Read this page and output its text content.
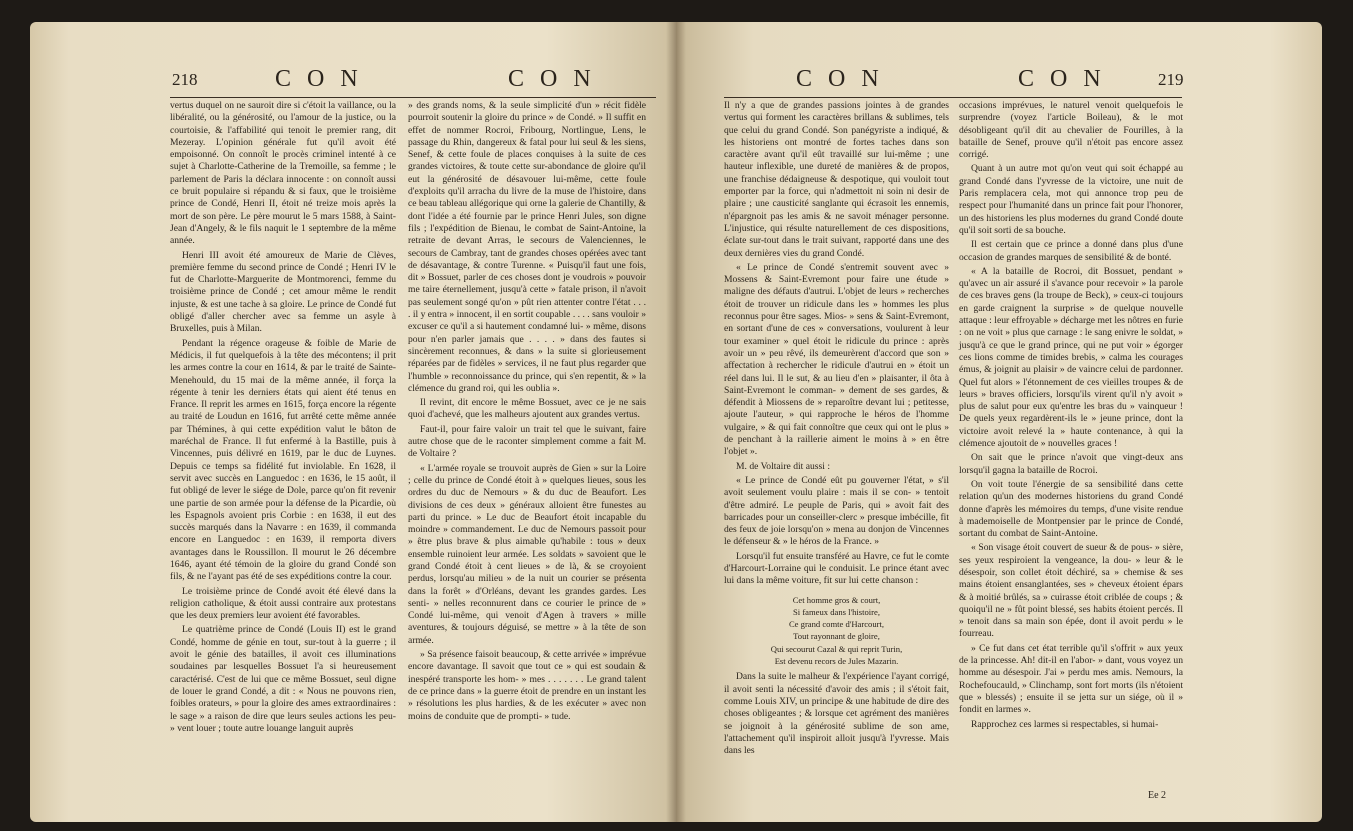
218	C O N	C O N

vertus duquel on ne sauroit dire si c'étoit la vaillance, ou la libéralité, ou la générosité, ou l'amour de la justice, ou la courtoisie, & l'affabilité qui tenoit le premier rang, dit Mezeray. L'opinion générale fut qu'il avoit été empoisonné. On connoît le procès criminel intenté à ce sujet à Charlotte-Catherine de la Tremoille, sa femme ; le parlement de Paris la déclara innocente : on connoît aussi ce bruit populaire si répandu & si faux, que le troisième prince de Condé, Henri II, étoit né treize mois après la mort de son père. Le père mourut le 5 mars 1588, à Saint-Jean d'Angely, & le fils naquit le 1 septembre de la même année.

Henri III avoit été amoureux de Marie de Clèves, première femme du second prince de Condé ; Henri IV le fut de Charlotte-Marguerite de Montmorenci, femme du troisième prince de Condé ; cet amour même le rendit injuste, & est une tache à sa gloire. Le prince de Condé fut obligé d'aller chercher avec sa femme un asyle à Bruxelles, puis à Milan.

Pendant la régence orageuse & foible de Marie de Médicis, il fut quelquefois à la tête des mécontens; il prit les armes contre la cour en 1614, & par le traité de Sainte-Menehould, du 15 mai de la même année, il força la régente à tenir les derniers états qui aient été tenus en France. Il reprit les armes en 1615, força encore la régente au traité de Loudun en 1616, fut arrêté cette même année par Thémines, à qui cette expédition valut le bâton de maréchal de France. Il fut enfermé à la Bastille, puis à Vincennes, puis délivré en 1619, par le duc de Luynes. Depuis ce temps sa fidélité fut inviolable. En 1628, il servit avec succès en Languedoc : en 1636, le 15 août, il fut obligé de lever le siége de Dole, parce qu'on fit revenir une partie de son armée pour la défense de la Picardie, où les Espagnols avoient pris Corbie : en 1638, il eut des succès marqués dans la Navarre : en 1639, il commanda encore en Languedoc : en 1639, il remporta divers avantages dans le Roussillon. Il mourut le 26 décembre 1646, ayant été témoin de la gloire du grand Condé son fils, & ne l'ayant pas été de ses expéditions contre la cour.

Le troisième prince de Condé avoit été élevé dans la religion catholique, & étoit aussi contraire aux protestans que les deux premiers leur avoient été favorables.

Le quatrième prince de Condé (Louis II) est le grand Condé, homme de génie en tout, sur-tout à la guerre ; il avoit le génie des batailles, il avoit ces illuminations soudaines par lesquelles Bossuet l'a si heureusement caractérisé. C'est de lui que ce même Bossuet, seul digne de louer le grand Condé, a dit : « Nous ne pouvons rien, foibles orateurs, » pour la gloire des ames extraordinaires : le sage » a raison de dire que leurs seules actions les peu- » vent louer ; toute autre louange languit auprès

» des grands noms, & la seule simplicité d'un » récit fidèle pourroit soutenir la gloire du prince » de Condé. » Il suffit en effet de nommer Rocroi, Fribourg, Nortlingue, Lens, le passage du Rhin, dangereux & fatal pour lui seul & les siens, Senef, & cette foule de places conquises à la suite de ces grandes victoires, & toute cette sur-abondance de gloire qu'il eut la générosité de désavouer lui-même, cette foule d'exploits qu'il arracha du livre de la muse de l'histoire, dans ce beau tableau allégorique qui orne la galerie de Chantilly, & dont l'idée a été fournie par le prince Henri Jules, son digne fils ; l'expédition de Bienau, le combat de Saint-Antoine, la retraite de devant Arras, le secours de Valenciennes, le secours de Cambray, tant de grandes choses opérées avec tant de désavantage, & contre Turenne. « Puisqu'il faut une fois, dit » Bossuet, parler de ces choses dont je voudrois » pouvoir me taire éternellement, jusqu'à cette » fatale prison, il n'avoit pas seulement songé qu'on » pût rien attenter contre l'état . . . . il y entra » innocent, il en sortit coupable . . . . sans vouloir » excuser ce qu'il a si hautement condamné lui- » même, disons pour n'en parler jamais que . . . . » dans des fautes si sincèrement reconnues, & dans » la suite si glorieusement réparées par de fidèles » services, il ne faut plus regarder que l'humble » reconnoissance du prince, qui s'en repentit, & » la clémence du grand roi, qui les oublia ».

Il revint, dit encore le même Bossuet, avec ce je ne sais quoi d'achevé, que les malheurs ajoutent aux grandes vertus.

Faut-il, pour faire valoir un trait tel que le suivant, faire autre chose que de le raconter simplement comme a fait M. de Voltaire ?

« L'armée royale se trouvoit auprès de Gien » sur la Loire ; celle du prince de Condé étoit à » quelques lieues, sous les ordres du duc de Nemours » & du duc de Beaufort. Les divisions de ces deux » généraux alloient être funestes au parti du prince. » Le duc de Beaufort étoit incapable du moindre » commandement. Le duc de Nemours passoit pour » être plus brave & plus aimable qu'habile : tous » deux ensemble ruinoient leur armée. Les soldats » savoient que le grand Condé étoit à cent lieues » de là, & se croyoient perdus, lorsqu'au milieu » de la nuit un courier se présenta dans la forêt » d'Orléans, devant les grandes gardes. Les senti- » nelles reconnurent dans ce courier le prince de » Condé lui-même, qui venoit d'Agen à travers » mille aventures, & toujours déguisé, se mettre » à la tête de son armée.

» Sa présence faisoit beaucoup, & cette arrivée » imprévue encore davantage. Il savoit que tout ce » qui est soudain & inespéré transporte les hom- » mes . . . . . . . Le grand talent de ce prince dans » la guerre étoit de prendre en un instant les » résolutions les plus hardies, & de les exécuter » avec non moins de conduite que de prompti- » tude.

C O N	C O N	219

Il n'y a que de grandes passions jointes à de grandes vertus qui forment les caractères brillans & sublimes, tels que celui du grand Condé. Son panégyriste a indiqué, & les historiens ont montré de fortes taches dans son caractère avant qu'il eût travaillé sur lui-même ; une hauteur inflexible, une dureté de manières & de propos, une franchise dédaigneuse & despotique, qui vouloit tout emporter par la force, qui n'admettoit ni soin ni desir de plaire ; une causticité sanglante qui écrasoit les ennemis, n'épargnoit pas les amis & ne savoit ménager personne. L'injustice, qui résulte naturellement de ces dispositions, éclate sur-tout dans le trait suivant, rapporté dans une des deux dernières vies du grand Condé.

« Le prince de Condé s'entremit souvent avec » Mossens & Saint-Evremont pour faire une étude » maligne des défauts d'autrui. L'objet de leurs » recherches étoit de trouver un ridicule dans les » hommes les plus reconnus pour être sages. Mios- » sens & Saint-Evremont, en sortant d'une de ces » conversations, voulurent à leur tour examiner » quel étoit le ridicule du prince : après avoir un » peu rêvé, ils demeurèrent d'accord que son » affectation à rechercher le ridicule d'autrui en » étoit un réel dans lui. Il le sut, & au lieu d'en » plaisanter, il ôta à Saint-Evremont le comman- » dement de ses gardes, & défendit à Miossens de » reparoître devant lui ; petitesse, ajoute l'auteur, » qui rapproche le héros de l'homme vulgaire, » & qui fait connoître que ceux qui ont le plus » de penchant à la raillerie aiment le moins à » en être l'objet ».

M. de Voltaire dit aussi :

« Le prince de Condé eût pu gouverner l'état, » s'il avoit seulement voulu plaire : mais il se con- » tentoit d'être admiré. Le peuple de Paris, qui » avoit fait des barricades pour un conseiller-clerc » presque imbécille, fit des feux de joie lorsqu'on » mena au donjon de Vincennes le défenseur & » le héros de la France. »

Lorsqu'il fut ensuite transféré au Havre, ce fut le comte d'Harcourt-Lorraine qui le conduisit. Le prince étant avec lui dans la même voiture, fit sur lui cette chanson :

Cet homme gros & court,

Si fameux dans l'histoire,

Ce grand comte d'Harcourt,

Tout rayonnant de gloire,

Qui secourut Cazal & qui reprit Turin,

Est devenu recors de Jules Mazarin.

Dans la suite le malheur & l'expérience l'ayant corrigé, il avoit senti la nécessité d'avoir des amis ; il s'étoit fait, comme Louis XIV, un principe & une habitude de dire des choses obligeantes ; & lorsque cet agrément des manières se joignoit à la générosité sublime de son ame, l'attachement qu'il inspiroit alloit jusqu'à l'yvresse. Mais dans les

occasions imprévues, le naturel venoit quelquefois le surprendre (voyez l'article Boileau), & le mot désobligeant qu'il dit au chevalier de Fourilles, à la bataille de Senef, prouve qu'il n'étoit pas encore assez corrigé.

Quant à un autre mot qu'on veut qui soit échappé au grand Condé dans l'yvresse de la victoire, une nuit de Paris remplacera cela, mot qui annonce trop peu de respect pour l'humanité dans un prince fait pour l'honorer, un des historiens les plus modernes du grand Condé doute qu'il soit sorti de sa bouche.

Il est certain que ce prince a donné dans plus d'une occasion de grandes marques de sensibilité & de bonté.

« A la bataille de Rocroi, dit Bossuet, pendant » qu'avec un air assuré il s'avance pour recevoir » la parole de ces braves gens (la troupe de Beck), » ceux-ci toujours en garde craignent la surprise » de quelque nouvelle attaque : leur effroyable » décharge met les nôtres en furie : on ne voit » plus que carnage : le sang enivre le soldat, » jusqu'à ce que le grand prince, qui ne put voir » égorger ces lions comme de timides brebis, » calma les courages émus, & joignit au plaisir » de vaincre celui de pardonner. Quel fut alors » l'étonnement de ces vieilles troupes & de leurs » braves officiers, lorsqu'ils virent qu'il n'y avoit » plus de salut pour eux qu'entre les bras du » vainqueur ! De quels yeux regardèrent-ils le » jeune prince, dont la victoire avoit relevé la » haute contenance, à qui la clémence ajoutoit de » nouvelles graces !

On sait que le prince n'avoit que vingt-deux ans lorsqu'il gagna la bataille de Rocroi.

On voit toute l'énergie de sa sensibilité dans cette relation qu'un des modernes historiens du grand Condé donne d'après les mémoires du temps, d'une visite rendue à mademoiselle de Montpensier par le prince de Condé, sortant du combat de Saint-Antoine.

« Son visage étoit couvert de sueur & de pous- » sière, ses yeux respiroient la vengeance, la dou- » leur & le désespoir, son collet étoit déchiré, sa » chemise & ses mains étoient ensanglantées, ses » cheveux étoient épars & à moitié brûlés, sa » cuirasse étoit criblée de coups ; & quoiqu'il ne » fût point blessé, ses habits étoient percés. Il » tenoit dans sa main son épée, dont il avoit perdu » le fourreau.

» Ce fut dans cet état terrible qu'il s'offrit » aux yeux de la princesse. Ah! dit-il en l'abor- » dant, vous voyez un homme au désespoir. J'ai » perdu mes amis. Nemours, la Rochefoucauld, » Clinchamp, sont fort morts (ils n'étoient que » blessés) ; ensuite il se jetta sur un siége, où il » fondit en larmes ».

Rapprochez ces larmes si respectables, si humai-

Ee 2
